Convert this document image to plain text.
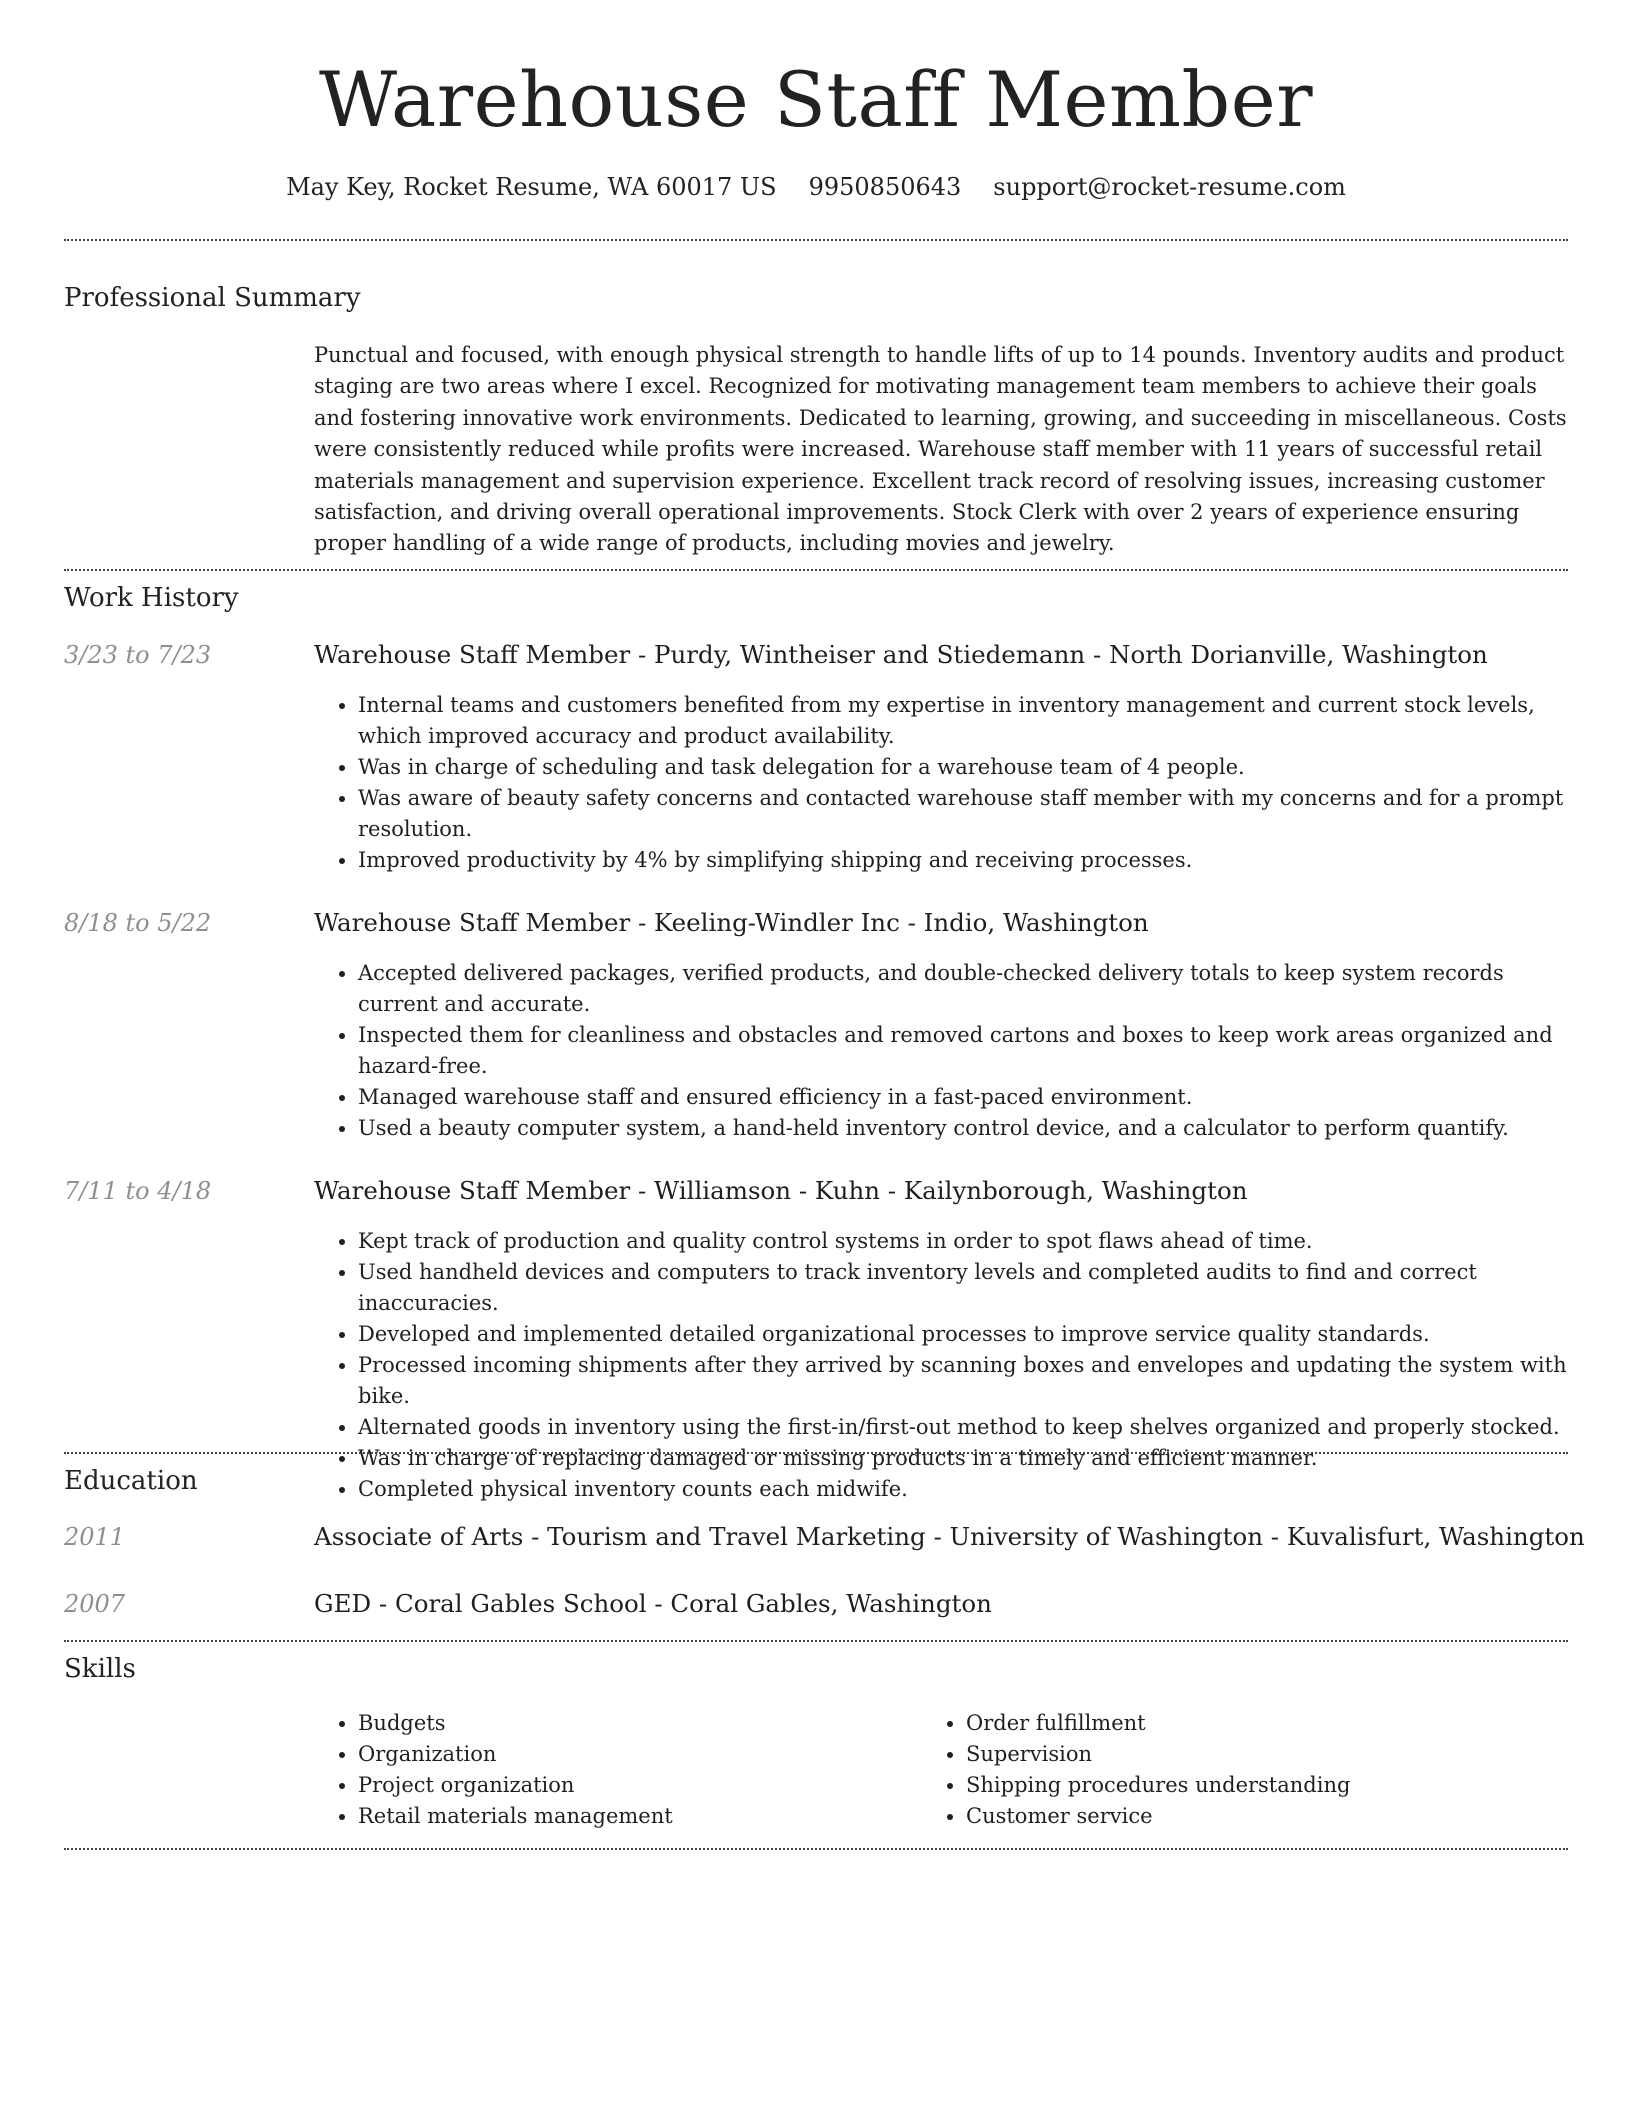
Warehouse Staff Member
May Key, Rocket Resume, WA 60017 US 9950850643 support@rocket-resume.com
Professional Summary

Punctual and focused, with enough physical strength to handle lifts of up to 14 pounds. Inventory audits and product staging are two areas where I excel. Recognized for motivating management team members to achieve their goals and fostering innovative work environments. Dedicated to learning, growing, and succeeding in miscellaneous. Costs were consistently reduced while profits were increased. Warehouse staff member with 11 years of successful retail materials management and supervision experience. Excellent track record of resolving issues, increasing customer satisfaction, and driving overall operational improvements. Stock Clerk with over 2 years of experience ensuring proper handling of a wide range of products, including movies and jewelry.

Work History
3/23 to 7/23	Warehouse Staff Member - Purdy, Wintheiser and Stiedemann - North Dorianville, Washington
• Internal teams and customers benefited from my expertise in inventory management and current stock levels, which improved accuracy and product availability.
• Was in charge of scheduling and task delegation for a warehouse team of 4 people.
• Was aware of beauty safety concerns and contacted warehouse staff member with my concerns and for a prompt resolution.
• Improved productivity by 4% by simplifying shipping and receiving processes.
8/18 to 5/22	Warehouse Staff Member - Keeling-Windler Inc - Indio, Washington
• Accepted delivered packages, verified products, and double-checked delivery totals to keep system records current and accurate.
• Inspected them for cleanliness and obstacles and removed cartons and boxes to keep work areas organized and hazard-free.
• Managed warehouse staff and ensured efficiency in a fast-paced environment.
• Used a beauty computer system, a hand-held inventory control device, and a calculator to perform quantify.
7/11 to 4/18	Warehouse Staff Member - Williamson - Kuhn - Kailynborough, Washington
• Kept track of production and quality control systems in order to spot flaws ahead of time.
• Used handheld devices and computers to track inventory levels and completed audits to find and correct inaccuracies.
• Developed and implemented detailed organizational processes to improve service quality standards.
• Processed incoming shipments after they arrived by scanning boxes and envelopes and updating the system with bike.
• Alternated goods in inventory using the first-in/first-out method to keep shelves organized and properly stocked.
• Was in charge of replacing damaged or missing products in a timely and efficient manner.
• Completed physical inventory counts each midwife.
Education
2011	Associate of Arts - Tourism and Travel Marketing - University of Washington - Kuvalisfurt, Washington
2007	GED - Coral Gables School - Coral Gables, Washington
Skills
• Budgets
• Organization
• Project organization
• Retail materials management
• Order fulfillment
• Supervision
• Shipping procedures understanding
• Customer service
